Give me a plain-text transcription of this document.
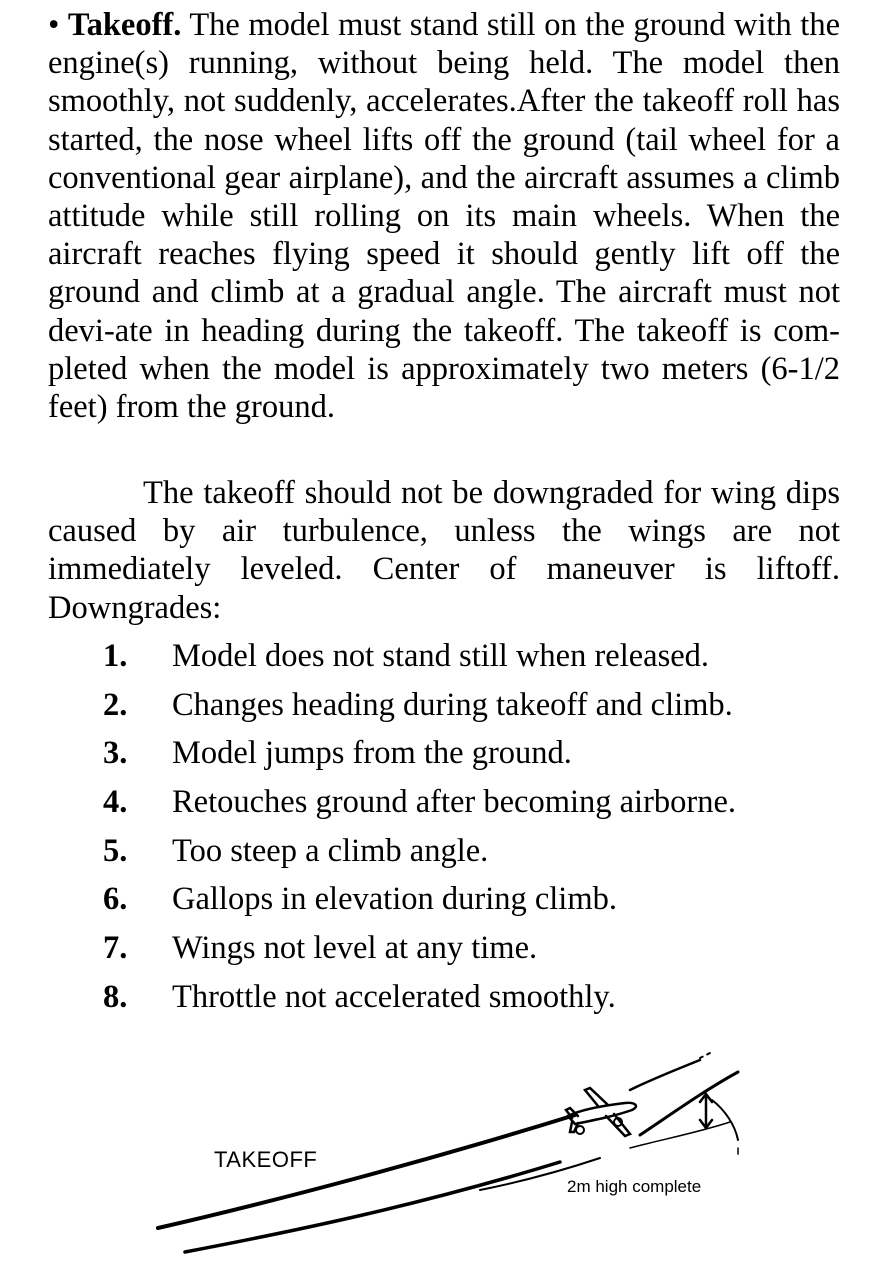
• Takeoff. The model must stand still on the ground with the engine(s) running, without being held. The model then smoothly, not suddenly, accelerates.After the takeoff roll has started, the nose wheel lifts off the ground (tail wheel for a conventional gear airplane), and the aircraft assumes a climb attitude while still rolling on its main wheels. When the aircraft reaches flying speed it should gently lift off the ground and climb at a gradual angle. The aircraft must not devi-ate in heading during the takeoff. The takeoff is com-pleted when the model is approximately two meters (6-1/2 feet) from the ground.

The takeoff should not be downgraded for wing dips caused by air turbulence, unless the wings are not immediately leveled. Center of maneuver is liftoff. Downgrades:

1. Model does not stand still when released.
2. Changes heading during takeoff and climb.
3. Model jumps from the ground.
4. Retouches ground after becoming airborne.
5. Too steep a climb angle.
6. Gallops in elevation during climb.
7. Wings not level at any time.
8. Throttle not accelerated smoothly.
TAKEOFF
2m high complete
